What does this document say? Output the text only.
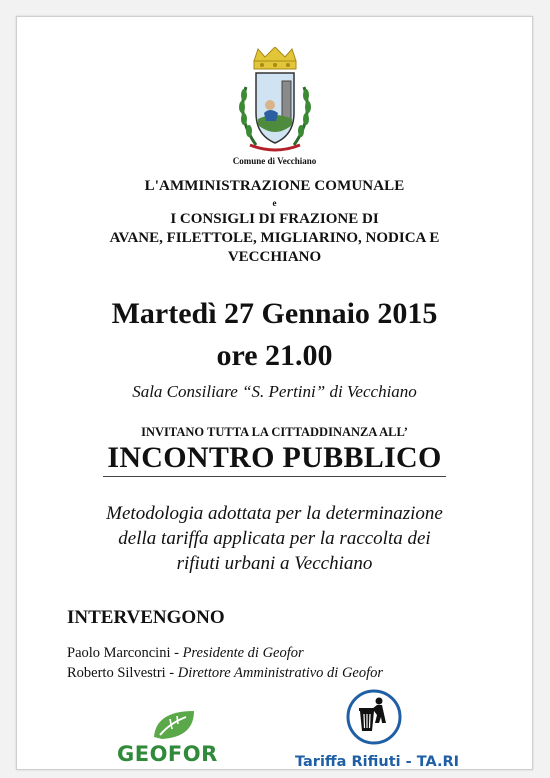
Comune di Vecchiano
L'AMMINISTRAZIONE COMUNALE
e
I CONSIGLI DI FRAZIONE DI
AVANE, FILETTOLE, MIGLIARINO, NODICA E
VECCHIANO
Martedì 27 Gennaio 2015
ore 21.00
Sala Consiliare “S. Pertini” di Vecchiano
INVITANO TUTTA LA CITTADDINANZA ALL’
INCONTRO PUBBLICO
Metodologia adottata per la determinazione
della tariffa applicata per la raccolta dei
rifiuti urbani a Vecchiano
INTERVENGONO
Paolo Marconcini - Presidente di Geofor
Roberto Silvestri - Direttore Amministrativo di Geofor
GEOFOR	Tariffa Rifiuti - TA.RI
